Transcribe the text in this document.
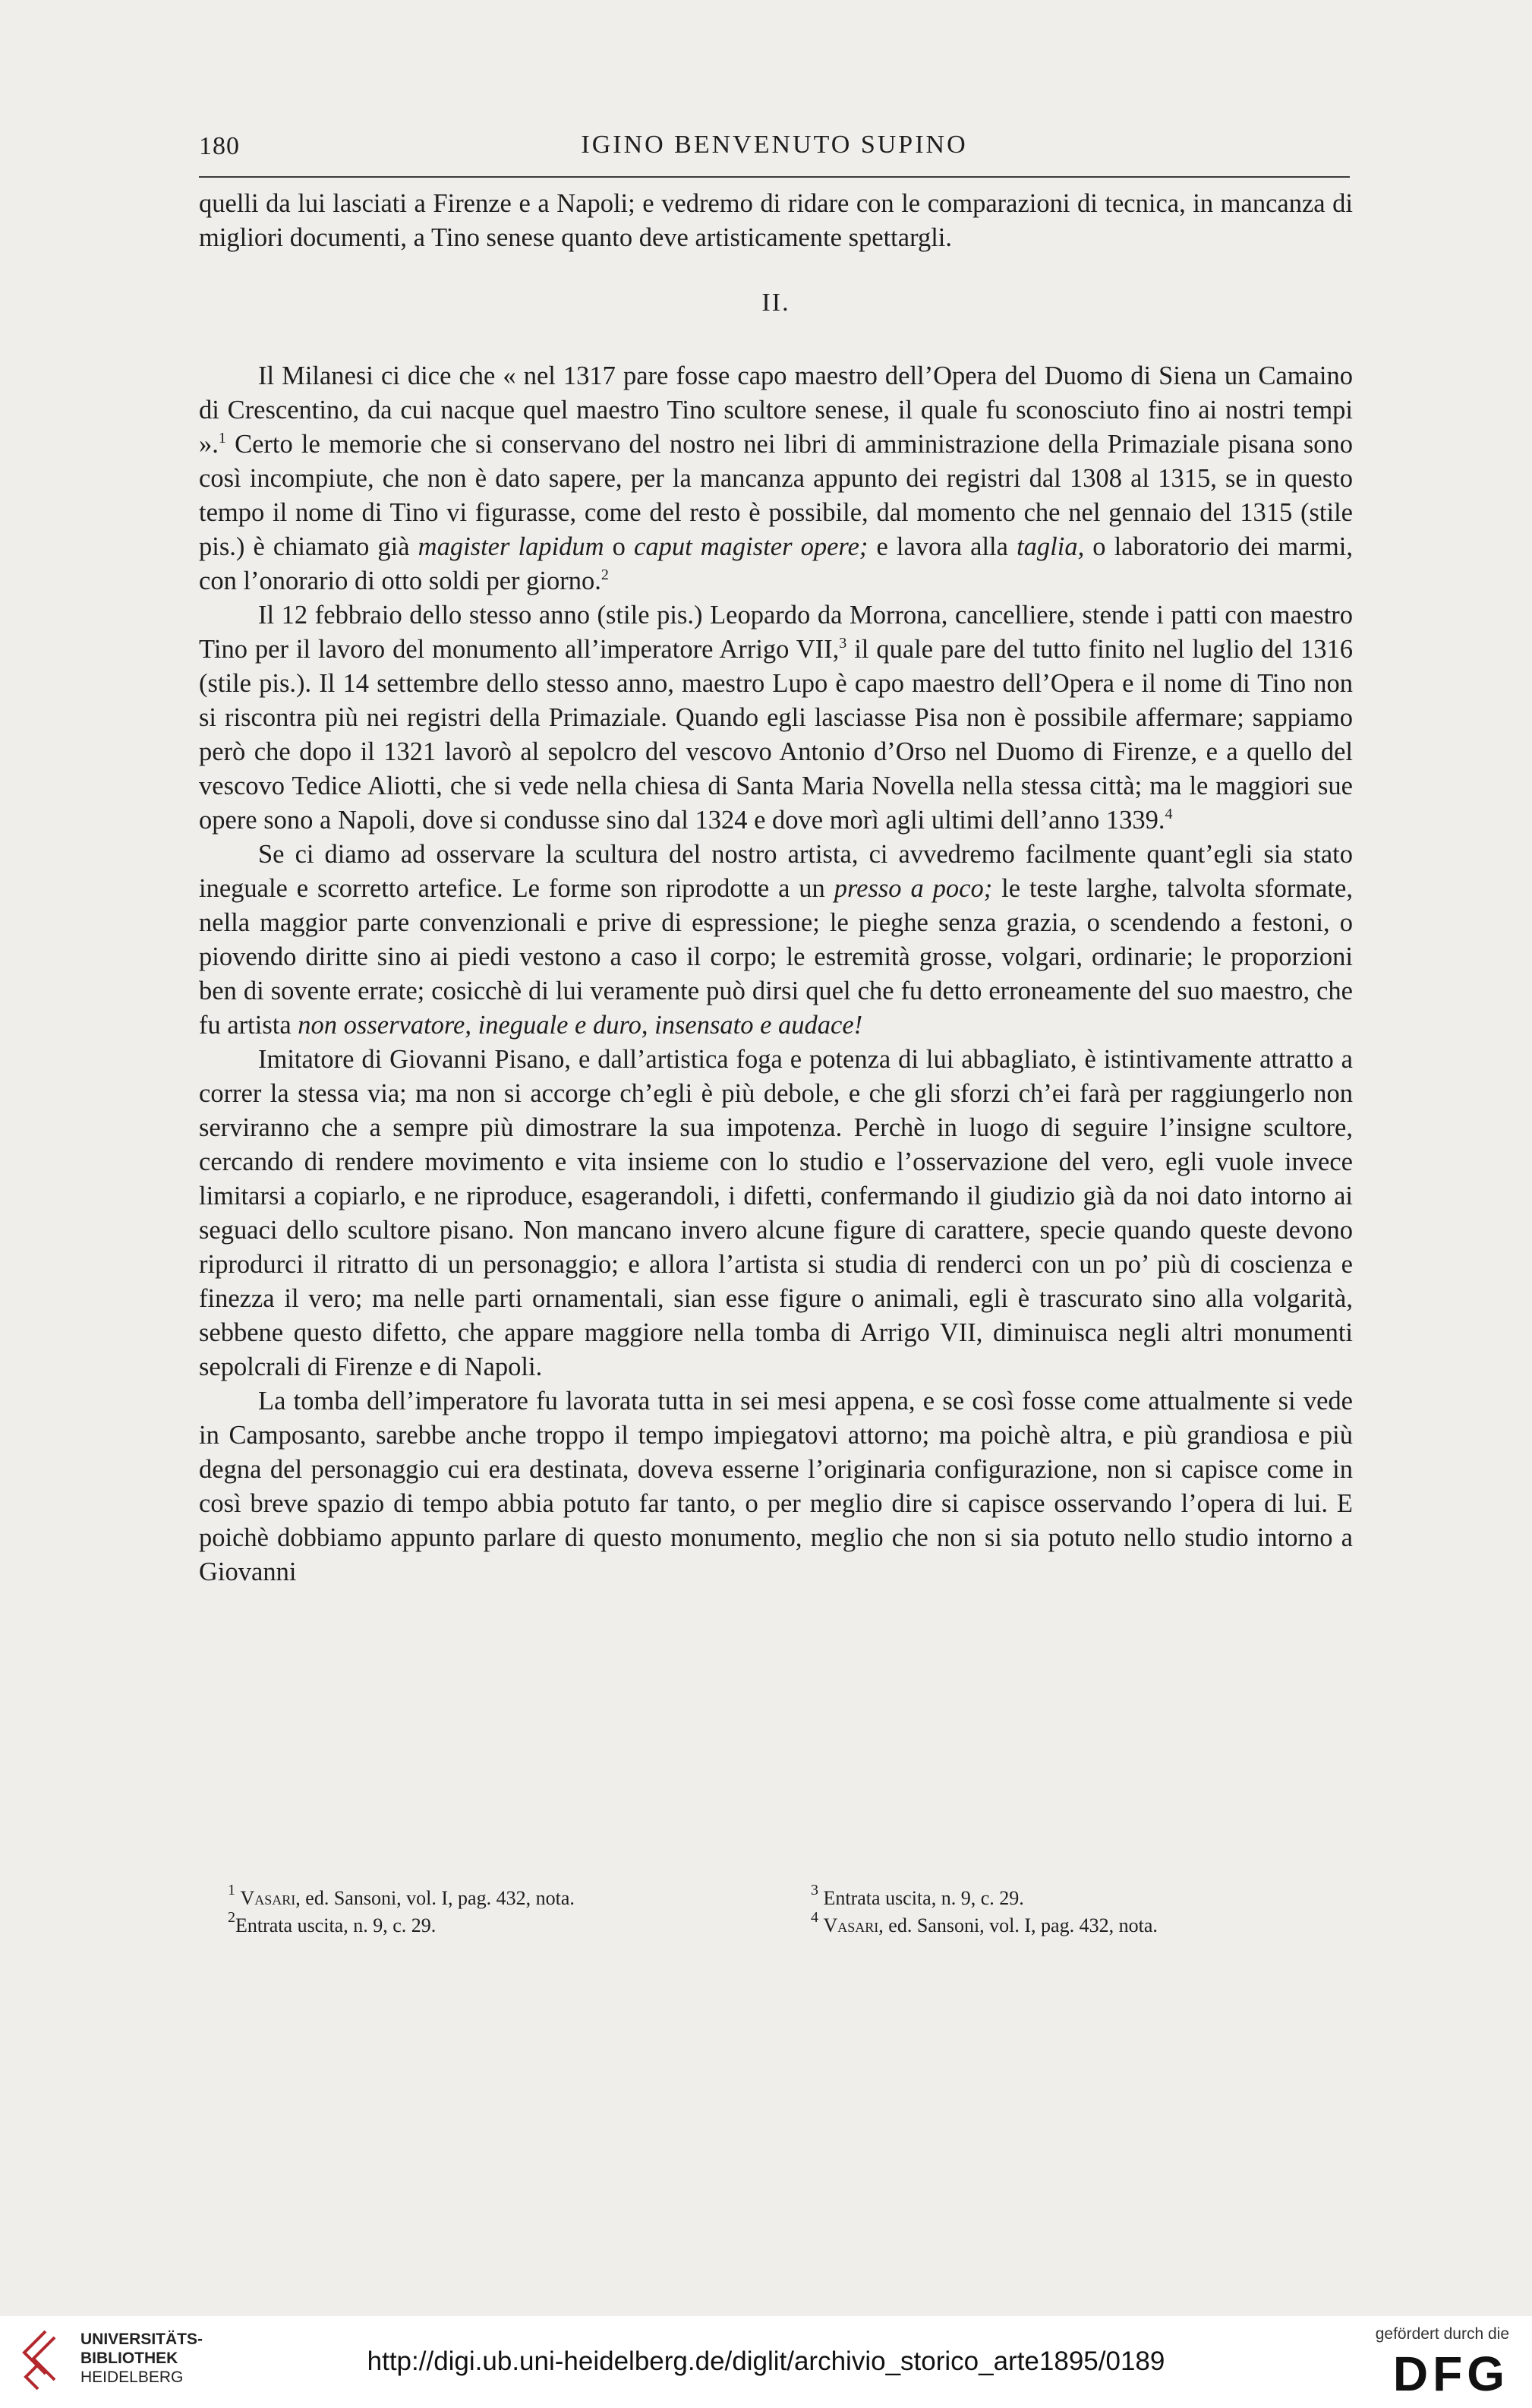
180	IGINO BENVENUTO SUPINO

quelli da lui lasciati a Firenze e a Napoli; e vedremo di ridare con le comparazioni di tecnica, in mancanza di migliori documenti, a Tino senese quanto deve artisticamente spettargli.

II.

Il Milanesi ci dice che « nel 1317 pare fosse capo maestro dell’Opera del Duomo di Siena un Camaino di Crescentino, da cui nacque quel maestro Tino scultore senese, il quale fu sconosciuto fino ai nostri tempi ».$^1$ Certo le memorie che si conservano del nostro nei libri di amministrazione della Primaziale pisana sono così incompiute, che non è dato sapere, per la mancanza appunto dei registri dal 1308 al 1315, se in questo tempo il nome di Tino vi figurasse, come del resto è possibile, dal momento che nel gennaio del 1315 (stile pis.) è chiamato già magister lapidum o caput magister opere; e lavora alla taglia, o laboratorio dei marmi, con l’onorario di otto soldi per giorno.$^2$

Il 12 febbraio dello stesso anno (stile pis.) Leopardo da Morrona, cancelliere, stende i patti con maestro Tino per il lavoro del monumento all’imperatore Arrigo VII,$^3$ il quale pare del tutto finito nel luglio del 1316 (stile pis.). Il 14 settembre dello stesso anno, maestro Lupo è capo maestro dell’Opera e il nome di Tino non si riscontra più nei registri della Primaziale. Quando egli lasciasse Pisa non è possibile affermare; sappiamo però che dopo il 1321 lavorò al sepolcro del vescovo Antonio d’Orso nel Duomo di Firenze, e a quello del vescovo Tedice Aliotti, che si vede nella chiesa di Santa Maria Novella nella stessa città; ma le maggiori sue opere sono a Napoli, dove si condusse sino dal 1324 e dove morì agli ultimi dell’anno 1339.$^4$

Se ci diamo ad osservare la scultura del nostro artista, ci avvedremo facilmente quant’egli sia stato ineguale e scorretto artefice. Le forme son riprodotte a un presso a poco; le teste larghe, talvolta sformate, nella maggior parte convenzionali e prive di espressione; le pieghe senza grazia, o scendendo a festoni, o piovendo diritte sino ai piedi vestono a caso il corpo; le estremità grosse, volgari, ordinarie; le proporzioni ben di sovente errate; cosicchè di lui veramente può dirsi quel che fu detto erroneamente del suo maestro, che fu artista non osservatore, ineguale e duro, insensato e audace!

Imitatore di Giovanni Pisano, e dall’artistica foga e potenza di lui abbagliato, è istintivamente attratto a correr la stessa via; ma non si accorge ch’egli è più debole, e che gli sforzi ch’ei farà per raggiungerlo non serviranno che a sempre più dimostrare la sua impotenza. Perchè in luogo di seguire l’insigne scultore, cercando di rendere movimento e vita insieme con lo studio e l’osservazione del vero, egli vuole invece limitarsi a copiarlo, e ne riproduce, esagerandoli, i difetti, confermando il giudizio già da noi dato intorno ai seguaci dello scultore pisano. Non mancano invero alcune figure di carattere, specie quando queste devono riprodurci il ritratto di un personaggio; e allora l’artista si studia di renderci con un po’ più di coscienza e finezza il vero; ma nelle parti ornamentali, sian esse figure o animali, egli è trascurato sino alla volgarità, sebbene questo difetto, che appare maggiore nella tomba di Arrigo VII, diminuisca negli altri monumenti sepolcrali di Firenze e di Napoli.

La tomba dell’imperatore fu lavorata tutta in sei mesi appena, e se così fosse come attualmente si vede in Camposanto, sarebbe anche troppo il tempo impiegatovi attorno; ma poichè altra, e più grandiosa e più degna del personaggio cui era destinata, doveva esserne l’originaria configurazione, non si capisce come in così breve spazio di tempo abbia potuto far tanto, o per meglio dire si capisce osservando l’opera di lui. E poichè dobbiamo appunto parlare di questo monumento, meglio che non si sia potuto nello studio intorno a Giovanni

$^1$ Vasari, ed. Sansoni, vol. I, pag. 432, nota.
$^2$Entrata uscita, n. 9, c. 29.
$^3$ Entrata uscita, n. 9, c. 29.
$^4$ Vasari, ed. Sansoni, vol. I, pag. 432, nota.
UNIVERSITÄTS-
BIBLIOTHEK
HEIDELBERG
http://digi.ub.uni-heidelberg.de/diglit/archivio_storico_arte1895/0189
gefördert durch die
DFG
